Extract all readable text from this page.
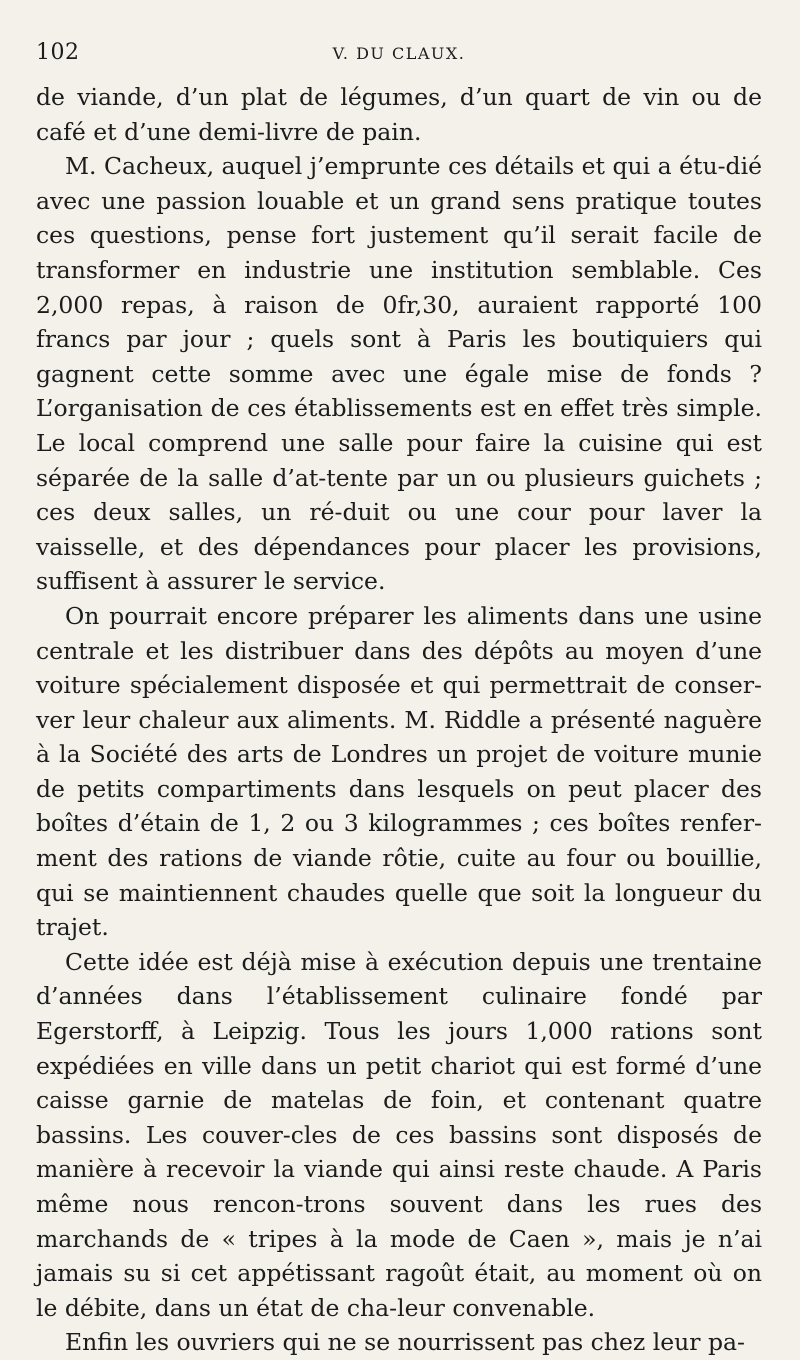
102	V. DU CLAUX.

de viande, d’un plat de légumes, d’un quart de vin ou de café et d’une demi-livre de pain.

M. Cacheux, auquel j’emprunte ces détails et qui a étu-dié avec une passion louable et un grand sens pratique toutes ces questions, pense fort justement qu’il serait facile de transformer en industrie une institution semblable. Ces 2,000 repas, à raison de 0fr,30, auraient rapporté 100 francs par jour ; quels sont à Paris les boutiquiers qui gagnent cette somme avec une égale mise de fonds ? L’organisation de ces établissements est en effet très simple. Le local comprend une salle pour faire la cuisine qui est séparée de la salle d’at-tente par un ou plusieurs guichets ; ces deux salles, un ré-duit ou une cour pour laver la vaisselle, et des dépendances pour placer les provisions, suffisent à assurer le service.

On pourrait encore préparer les aliments dans une usine centrale et les distribuer dans des dépôts au moyen d’une voiture spécialement disposée et qui permettrait de conser-ver leur chaleur aux aliments. M. Riddle a présenté naguère à la Société des arts de Londres un projet de voiture munie de petits compartiments dans lesquels on peut placer des boîtes d’étain de 1, 2 ou 3 kilogrammes ; ces boîtes renfer-ment des rations de viande rôtie, cuite au four ou bouillie, qui se maintiennent chaudes quelle que soit la longueur du trajet.

Cette idée est déjà mise à exécution depuis une trentaine d’années dans l’établissement culinaire fondé par Egerstorff, à Leipzig. Tous les jours 1,000 rations sont expédiées en ville dans un petit chariot qui est formé d’une caisse garnie de matelas de foin, et contenant quatre bassins. Les couver-cles de ces bassins sont disposés de manière à recevoir la viande qui ainsi reste chaude. A Paris même nous rencon-trons souvent dans les rues des marchands de « tripes à la mode de Caen », mais je n’ai jamais su si cet appétissant ragoût était, au moment où on le débite, dans un état de cha-leur convenable.

Enfin les ouvriers qui ne se nourrissent pas chez leur pa-
